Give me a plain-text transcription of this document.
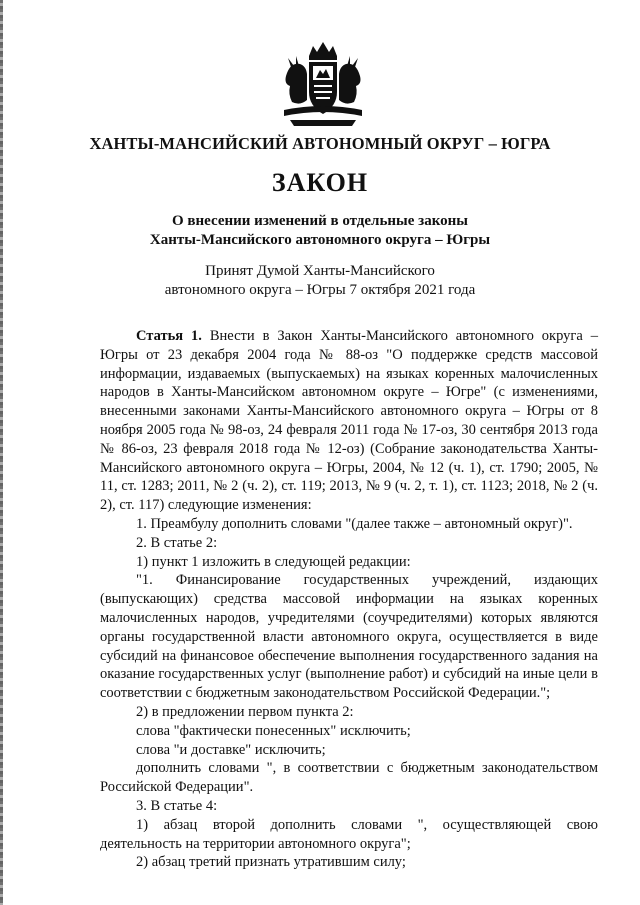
ХАНТЫ-МАНСИЙСКИЙ АВТОНОМНЫЙ ОКРУГ – ЮГРА
ЗАКОН
О внесении изменений в отдельные законы
Ханты-Мансийского автономного округа – Югры
Принят Думой Ханты-Мансийского
автономного округа – Югры 7 октября 2021 года

Статья 1. Внести в Закон Ханты-Мансийского автономного округа – Югры от 23 декабря 2004 года № 88-оз "О поддержке средств массовой информации, издаваемых (выпускаемых) на языках коренных малочисленных народов в Ханты-Мансийском автономном округе – Югре" (с изменениями, внесенными законами Ханты-Мансийского автономного округа – Югры от 8 ноября 2005 года № 98-оз, 24 февраля 2011 года № 17-оз, 30 сентября 2013 года № 86-оз, 23 февраля 2018 года № 12-оз) (Собрание законодательства Ханты-Мансийского автономного округа – Югры, 2004, № 12 (ч. 1), ст. 1790; 2005, № 11, ст. 1283; 2011, № 2 (ч. 2), ст. 119; 2013, № 9 (ч. 2, т. 1), ст. 1123; 2018, № 2 (ч. 2), ст. 117) следующие изменения:

1. Преамбулу дополнить словами "(далее также – автономный округ)".

2. В статье 2:

1) пункт 1 изложить в следующей редакции:

"1. Финансирование государственных учреждений, издающих (выпускающих) средства массовой информации на языках коренных малочисленных народов, учредителями (соучредителями) которых являются органы государственной власти автономного округа, осуществляется в виде субсидий на финансовое обеспечение выполнения государственного задания на оказание государственных услуг (выполнение работ) и субсидий на иные цели в соответствии с бюджетным законодательством Российской Федерации.";

2) в предложении первом пункта 2:

слова "фактически понесенных" исключить;

слова "и доставке" исключить;

дополнить словами ", в соответствии с бюджетным законодательством Российской Федерации".

3. В статье 4:

1) абзац второй дополнить словами ", осуществляющей свою деятельность на территории автономного округа";

2) абзац третий признать утратившим силу;
